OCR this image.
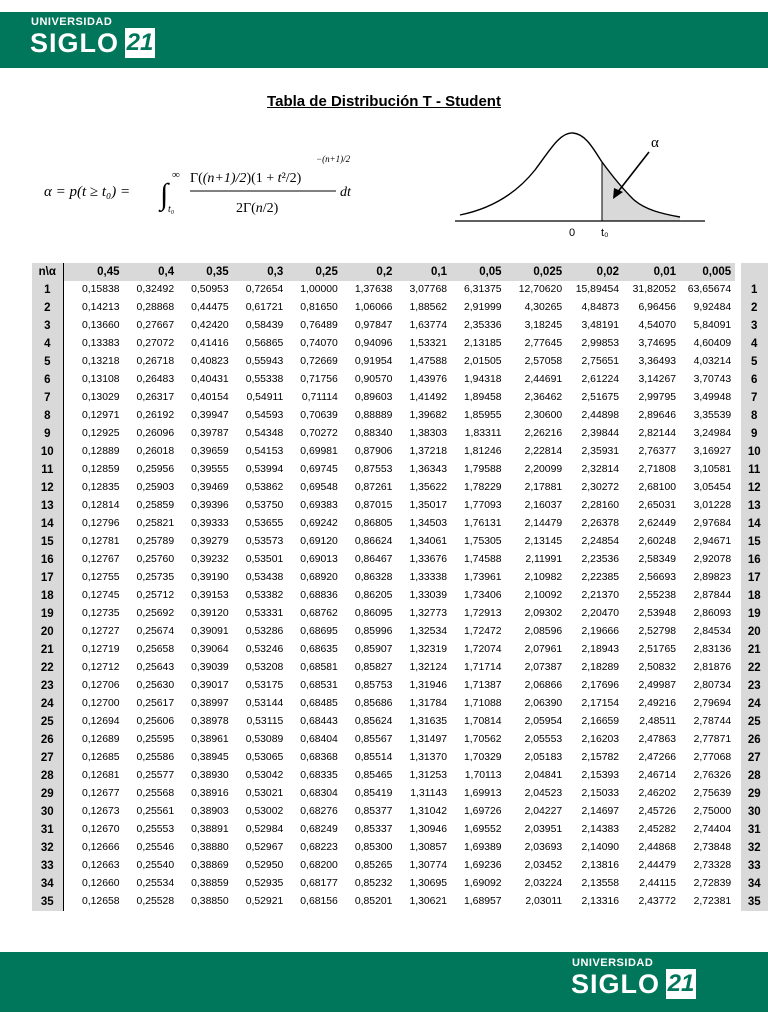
UNIVERSIDAD
SIGLO 21
Tabla de Distribución T - Student
α = p(t ≥ t₀) = ∫
∞
t₀
Γ((n+1)/2)(1 + t²/2)
−(n+1)/2
2Γ(n/2)
dt
α
0 t₀
n\α	0,45	0,4	0,35	0,3	0,25	0,2	0,1	0,05	0,025	0,02	0,01	0,005		
1	0,15838	0,32492	0,50953	0,72654	1,00000	1,37638	3,07768	6,31375	12,70620	15,89454	31,82052	63,65674		1
2	0,14213	0,28868	0,44475	0,61721	0,81650	1,06066	1,88562	2,91999	4,30265	4,84873	6,96456	9,92484		2
3	0,13660	0,27667	0,42420	0,58439	0,76489	0,97847	1,63774	2,35336	3,18245	3,48191	4,54070	5,84091		3
4	0,13383	0,27072	0,41416	0,56865	0,74070	0,94096	1,53321	2,13185	2,77645	2,99853	3,74695	4,60409		4
5	0,13218	0,26718	0,40823	0,55943	0,72669	0,91954	1,47588	2,01505	2,57058	2,75651	3,36493	4,03214		5
6	0,13108	0,26483	0,40431	0,55338	0,71756	0,90570	1,43976	1,94318	2,44691	2,61224	3,14267	3,70743		6
7	0,13029	0,26317	0,40154	0,54911	0,71114	0,89603	1,41492	1,89458	2,36462	2,51675	2,99795	3,49948		7
8	0,12971	0,26192	0,39947	0,54593	0,70639	0,88889	1,39682	1,85955	2,30600	2,44898	2,89646	3,35539		8
9	0,12925	0,26096	0,39787	0,54348	0,70272	0,88340	1,38303	1,83311	2,26216	2,39844	2,82144	3,24984		9
10	0,12889	0,26018	0,39659	0,54153	0,69981	0,87906	1,37218	1,81246	2,22814	2,35931	2,76377	3,16927		10
11	0,12859	0,25956	0,39555	0,53994	0,69745	0,87553	1,36343	1,79588	2,20099	2,32814	2,71808	3,10581		11
12	0,12835	0,25903	0,39469	0,53862	0,69548	0,87261	1,35622	1,78229	2,17881	2,30272	2,68100	3,05454		12
13	0,12814	0,25859	0,39396	0,53750	0,69383	0,87015	1,35017	1,77093	2,16037	2,28160	2,65031	3,01228		13
14	0,12796	0,25821	0,39333	0,53655	0,69242	0,86805	1,34503	1,76131	2,14479	2,26378	2,62449	2,97684		14
15	0,12781	0,25789	0,39279	0,53573	0,69120	0,86624	1,34061	1,75305	2,13145	2,24854	2,60248	2,94671		15
16	0,12767	0,25760	0,39232	0,53501	0,69013	0,86467	1,33676	1,74588	2,11991	2,23536	2,58349	2,92078		16
17	0,12755	0,25735	0,39190	0,53438	0,68920	0,86328	1,33338	1,73961	2,10982	2,22385	2,56693	2,89823		17
18	0,12745	0,25712	0,39153	0,53382	0,68836	0,86205	1,33039	1,73406	2,10092	2,21370	2,55238	2,87844		18
19	0,12735	0,25692	0,39120	0,53331	0,68762	0,86095	1,32773	1,72913	2,09302	2,20470	2,53948	2,86093		19
20	0,12727	0,25674	0,39091	0,53286	0,68695	0,85996	1,32534	1,72472	2,08596	2,19666	2,52798	2,84534		20
21	0,12719	0,25658	0,39064	0,53246	0,68635	0,85907	1,32319	1,72074	2,07961	2,18943	2,51765	2,83136		21
22	0,12712	0,25643	0,39039	0,53208	0,68581	0,85827	1,32124	1,71714	2,07387	2,18289	2,50832	2,81876		22
23	0,12706	0,25630	0,39017	0,53175	0,68531	0,85753	1,31946	1,71387	2,06866	2,17696	2,49987	2,80734		23
24	0,12700	0,25617	0,38997	0,53144	0,68485	0,85686	1,31784	1,71088	2,06390	2,17154	2,49216	2,79694		24
25	0,12694	0,25606	0,38978	0,53115	0,68443	0,85624	1,31635	1,70814	2,05954	2,16659	2,48511	2,78744		25
26	0,12689	0,25595	0,38961	0,53089	0,68404	0,85567	1,31497	1,70562	2,05553	2,16203	2,47863	2,77871		26
27	0,12685	0,25586	0,38945	0,53065	0,68368	0,85514	1,31370	1,70329	2,05183	2,15782	2,47266	2,77068		27
28	0,12681	0,25577	0,38930	0,53042	0,68335	0,85465	1,31253	1,70113	2,04841	2,15393	2,46714	2,76326		28
29	0,12677	0,25568	0,38916	0,53021	0,68304	0,85419	1,31143	1,69913	2,04523	2,15033	2,46202	2,75639		29
30	0,12673	0,25561	0,38903	0,53002	0,68276	0,85377	1,31042	1,69726	2,04227	2,14697	2,45726	2,75000		30
31	0,12670	0,25553	0,38891	0,52984	0,68249	0,85337	1,30946	1,69552	2,03951	2,14383	2,45282	2,74404		31
32	0,12666	0,25546	0,38880	0,52967	0,68223	0,85300	1,30857	1,69389	2,03693	2,14090	2,44868	2,73848		32
33	0,12663	0,25540	0,38869	0,52950	0,68200	0,85265	1,30774	1,69236	2,03452	2,13816	2,44479	2,73328		33
34	0,12660	0,25534	0,38859	0,52935	0,68177	0,85232	1,30695	1,69092	2,03224	2,13558	2,44115	2,72839		34
35	0,12658	0,25528	0,38850	0,52921	0,68156	0,85201	1,30621	1,68957	2,03011	2,13316	2,43772	2,72381		35
UNIVERSIDAD
SIGLO 21
